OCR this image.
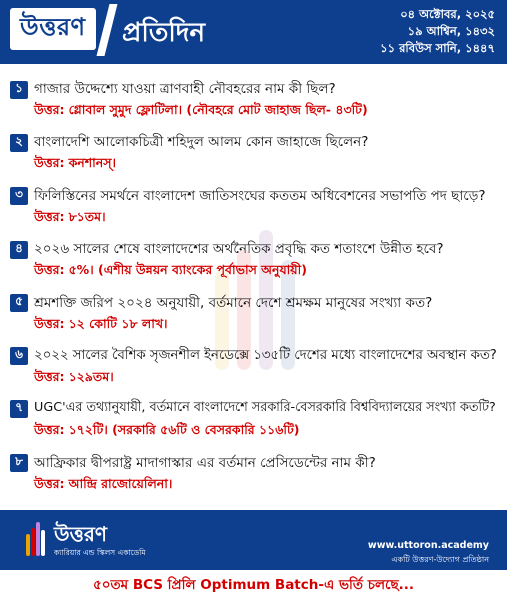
উত্তরণ প্রতিদিন
০৪ অক্টোবর, ২০২৫
১৯ আশ্বিন, ১৪৩২
১১ রবিউস সানি, ১৪৪৭
১ গাজার উদ্দেশ্যে যাওয়া ত্রাণবাহী নৌবহরের নাম কী ছিল?
উত্তর: গ্লোবাল সুমুদ ফ্লোটিলা। (নৌবহরে মোট জাহাজ ছিল- ৪৩টি)
২ বাংলাদেশি আলোকচিত্রী শহিদুল আলম কোন জাহাজে ছিলেন?
উত্তর: কনশানস্‌।
৩ ফিলিস্তিনের সমর্থনে বাংলাদেশ জাতিসংঘের কততম অধিবেশনের সভাপতি পদ ছাড়ে?
উত্তর: ৮১তম।
৪ ২০২৬ সালের শেষে বাংলাদেশের অর্থনৈতিক প্রবৃদ্ধি কত শতাংশে উন্নীত হবে?
উত্তর: ৫%। (এশীয় উন্নয়ন ব্যাংকের পূর্বাভাস অনুযায়ী)
৫ শ্রমশক্তি জরিপ ২০২৪ অনুযায়ী, বর্তমানে দেশে শ্রমক্ষম মানুষের সংখ্যা কত?
উত্তর: ১২ কোটি ১৮ লাখ।
৬ ২০২২ সালের বৈশিক সৃজনশীল ইনডেক্সে ১৩৫টি দেশের মধ্যে বাংলাদেশের অবস্থান কত?
উত্তর: ১২৯তম।
৭ UGC'এর তথ্যানুযায়ী, বর্তমানে বাংলাদেশে সরকারি-বেসরকারি বিশ্ববিদ্যালয়ের সংখ্যা কতটি?
উত্তর: ১৭২টি। (সরকারি ৫৬টি ও বেসরকারি ১১৬টি)
৮ আফ্রিকার দ্বীপরাষ্ট্র মাদাগাস্কার এর বর্তমান প্রেসিডেন্টের নাম কী?
উত্তর: আন্দ্রি রাজোয়েলিনা।
উত্তরণ
ক্যারিয়ার এন্ড স্কিলস একাডেমি
www.uttoron.academy
একটি উত্তরণ-উদ্যোগ প্রতিষ্ঠান
৫০তম BCS প্রিলি Optimum Batch-এ ভর্তি চলছে...
